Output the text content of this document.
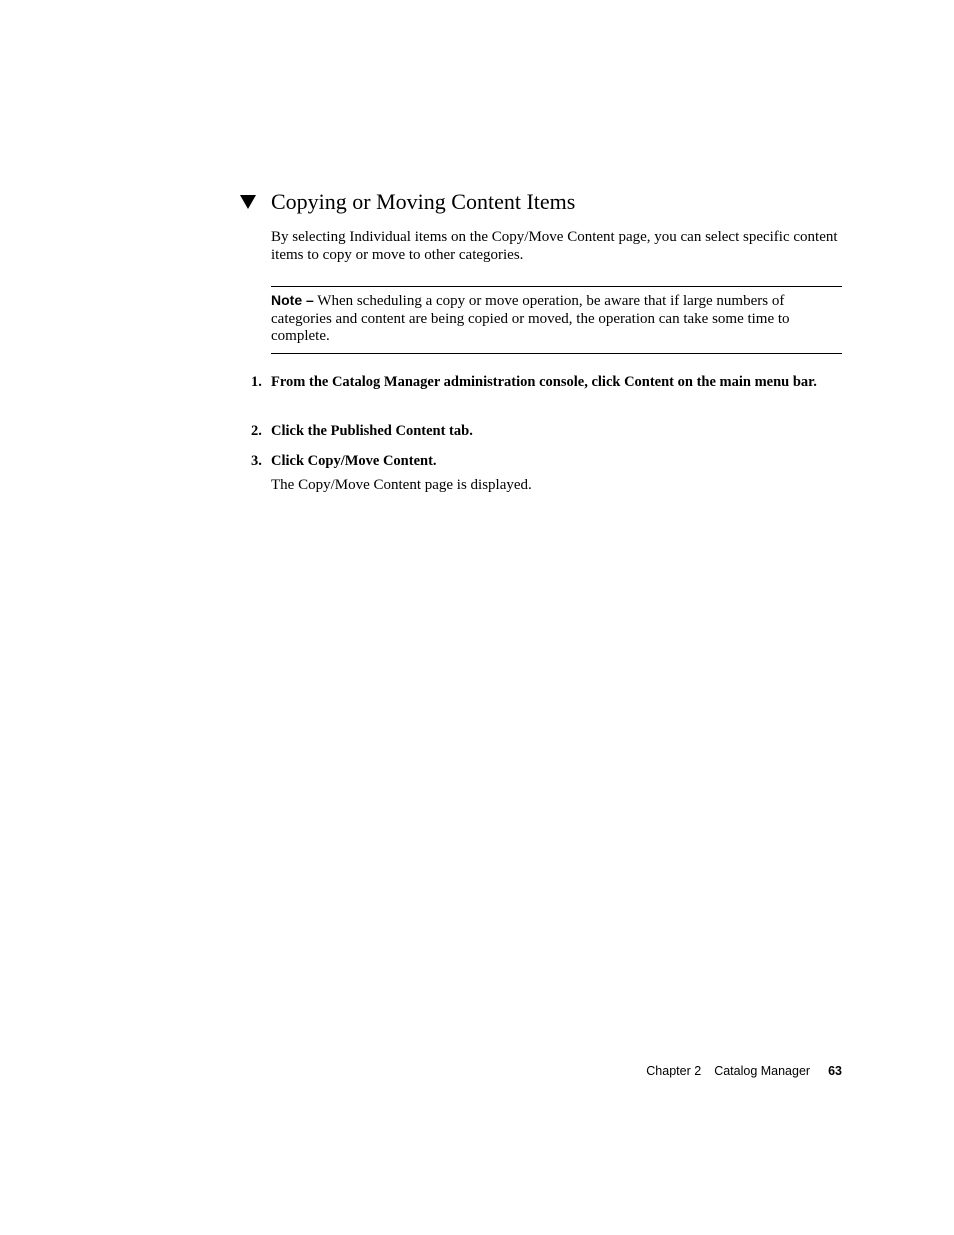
Copying or Moving Content Items
By selecting Individual items on the Copy/Move Content page, you can select specific content items to copy or move to other categories.
Note – When scheduling a copy or move operation, be aware that if large numbers of categories and content are being copied or moved, the operation can take some time to complete.
1. From the Catalog Manager administration console, click Content on the main menu bar.
2. Click the Published Content tab.
3. Click Copy/Move Content.
The Copy/Move Content page is displayed.
Chapter 2 Catalog Manager 63
